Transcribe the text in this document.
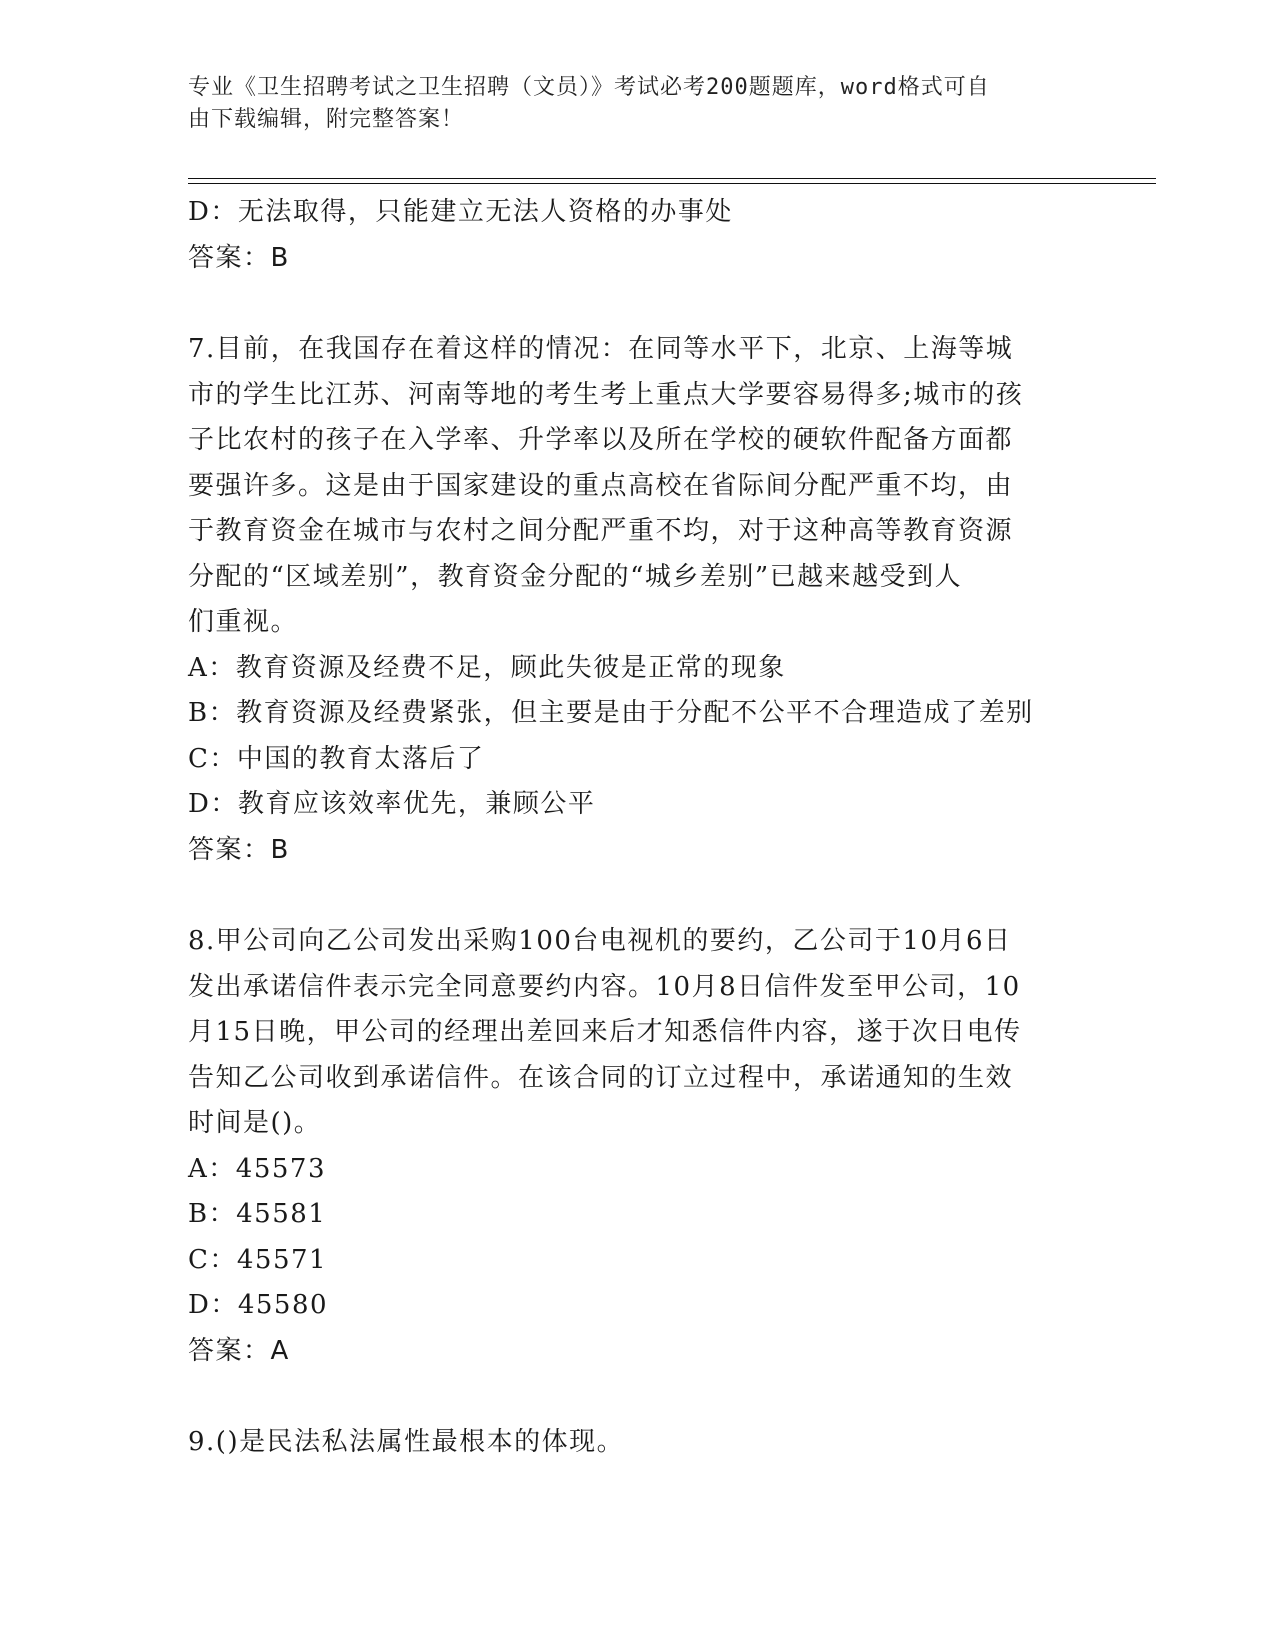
专业《卫生招聘考试之卫生招聘（文员）》考试必考200题题库，word格式可自
由下载编辑，附完整答案！
D：无法取得，只能建立无法人资格的办事处
答案：B
7.目前，在我国存在着这样的情况：在同等水平下，北京、上海等城
市的学生比江苏、河南等地的考生考上重点大学要容易得多;城市的孩
子比农村的孩子在入学率、升学率以及所在学校的硬软件配备方面都
要强许多。这是由于国家建设的重点高校在省际间分配严重不均，由
于教育资金在城市与农村之间分配严重不均，对于这种高等教育资源
分配的“区域差别”，教育资金分配的“城乡差别”已越来越受到人
们重视。
A：教育资源及经费不足，顾此失彼是正常的现象
B：教育资源及经费紧张，但主要是由于分配不公平不合理造成了差别
C：中国的教育太落后了
D：教育应该效率优先，兼顾公平
答案：B
8.甲公司向乙公司发出采购100台电视机的要约，乙公司于10月6日
发出承诺信件表示完全同意要约内容。10月8日信件发至甲公司，10
月15日晚，甲公司的经理出差回来后才知悉信件内容，遂于次日电传
告知乙公司收到承诺信件。在该合同的订立过程中，承诺通知的生效
时间是()。
A：45573
B：45581
C：45571
D：45580
答案：A
9.()是民法私法属性最根本的体现。
